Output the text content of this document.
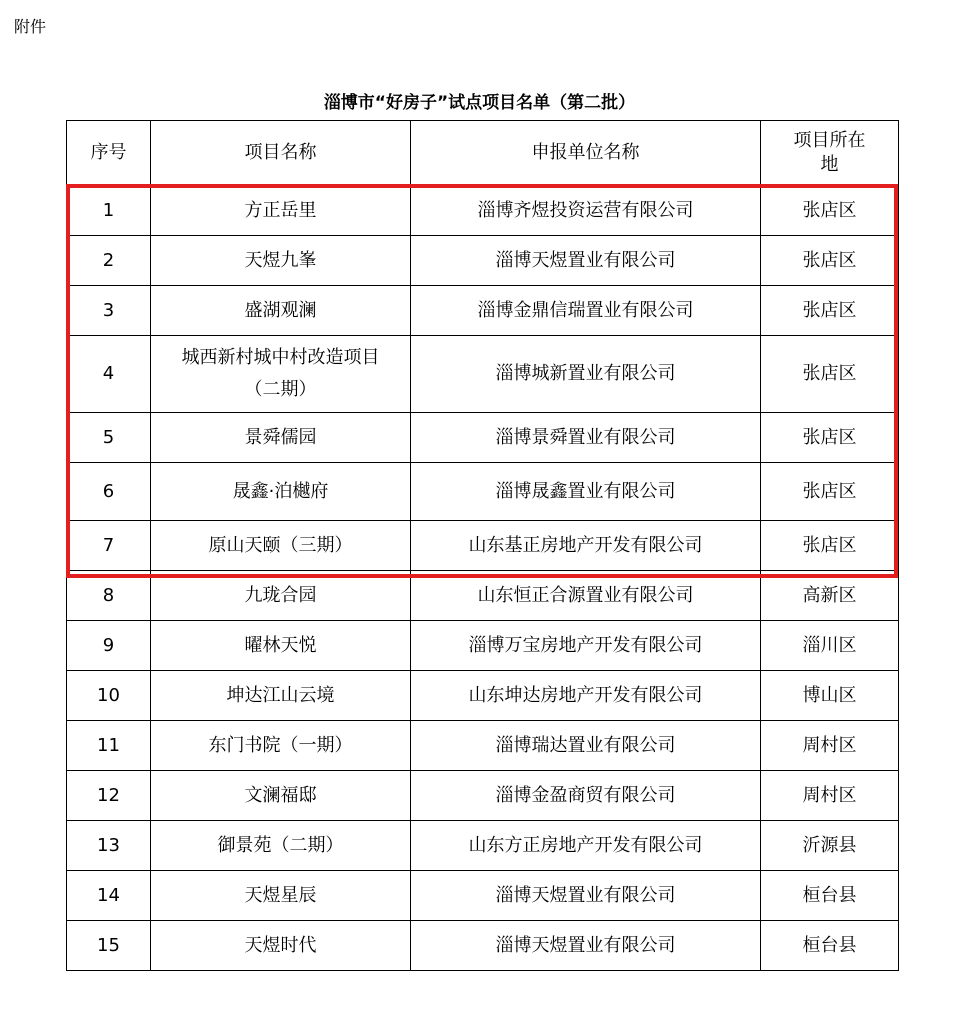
附件
淄博市“好房子”试点项目名单（第二批）
序号	项目名称	申报单位名称	项目所在地
1	方正岳里	淄博齐煜投资运营有限公司	张店区
2	天煜九峯	淄博天煜置业有限公司	张店区
3	盛湖观澜	淄博金鼎信瑞置业有限公司	张店区
4	城西新村城中村改造项目（二期）	淄博城新置业有限公司	张店区
5	景舜儒园	淄博景舜置业有限公司	张店区
6	晟鑫·泊樾府	淄博晟鑫置业有限公司	张店区
7	原山天颐（三期）	山东基正房地产开发有限公司	张店区
8	九珑合园	山东恒正合源置业有限公司	高新区
9	曜林天悦	淄博万宝房地产开发有限公司	淄川区
10	坤达江山云境	山东坤达房地产开发有限公司	博山区
11	东门书院（一期）	淄博瑞达置业有限公司	周村区
12	文澜福邸	淄博金盈商贸有限公司	周村区
13	御景苑（二期）	山东方正房地产开发有限公司	沂源县
14	天煜星辰	淄博天煜置业有限公司	桓台县
15	天煜时代	淄博天煜置业有限公司	桓台县
